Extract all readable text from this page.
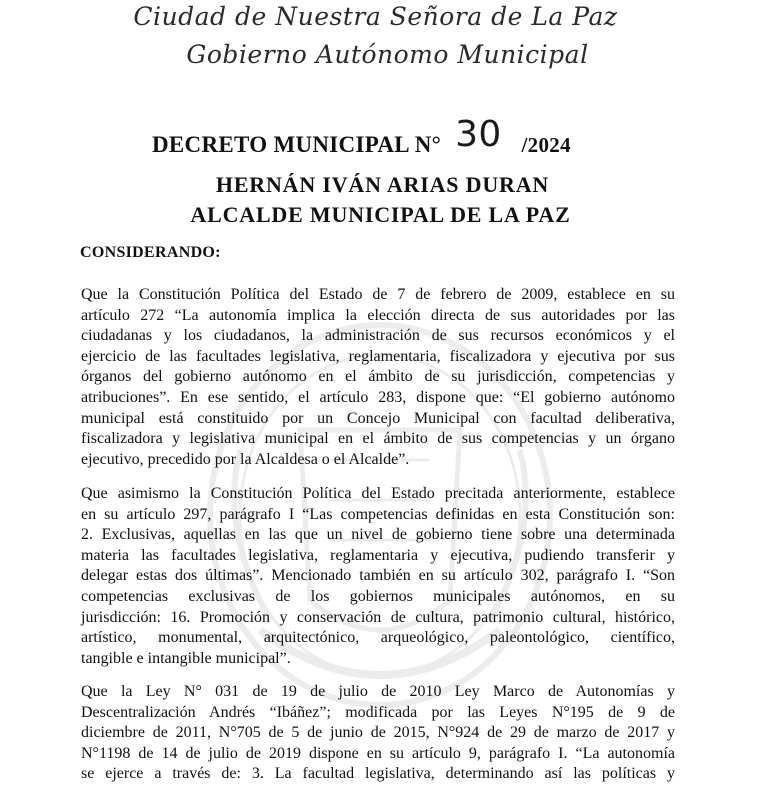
Ciudad de Nuestra Señora de La Paz
Gobierno Autónomo Municipal
DECRETO MUNICIPAL N° 30 /2024
HERNÁN IVÁN ARIAS DURAN
ALCALDE MUNICIPAL DE LA PAZ
CONSIDERANDO:
Que la Constitución Política del Estado de 7 de febrero de 2009, establece en su
artículo 272 “La autonomía implica la elección directa de sus autoridades por las
ciudadanas y los ciudadanos, la administración de sus recursos económicos y el
ejercicio de las facultades legislativa, reglamentaria, fiscalizadora y ejecutiva por sus
órganos del gobierno autónomo en el ámbito de su jurisdicción, competencias y
atribuciones”. En ese sentido, el artículo 283, dispone que: “El gobierno autónomo
municipal está constituido por un Concejo Municipal con facultad deliberativa,
fiscalizadora y legislativa municipal en el ámbito de sus competencias y un órgano
ejecutivo, precedido por la Alcaldesa o el Alcalde”.
Que asimismo la Constitución Política del Estado precitada anteriormente, establece
en su artículo 297, parágrafo I “Las competencias definidas en esta Constitución son:
2. Exclusivas, aquellas en las que un nivel de gobierno tiene sobre una determinada
materia las facultades legislativa, reglamentaria y ejecutiva, pudiendo transferir y
delegar estas dos últimas”. Mencionado también en su artículo 302, parágrafo I. “Son
competencias exclusivas de los gobiernos municipales autónomos, en su
jurisdicción: 16. Promoción y conservación de cultura, patrimonio cultural, histórico,
artístico, monumental, arquitectónico, arqueológico, paleontológico, científico,
tangible e intangible municipal”.
Que la Ley N° 031 de 19 de julio de 2010 Ley Marco de Autonomías y
Descentralización Andrés “Ibáñez”; modificada por las Leyes N°195 de 9 de
diciembre de 2011, N°705 de 5 de junio de 2015, N°924 de 29 de marzo de 2017 y
N°1198 de 14 de julio de 2019 dispone en su artículo 9, parágrafo I. “La autonomía
se ejerce a través de: 3. La facultad legislativa, determinando así las políticas y
